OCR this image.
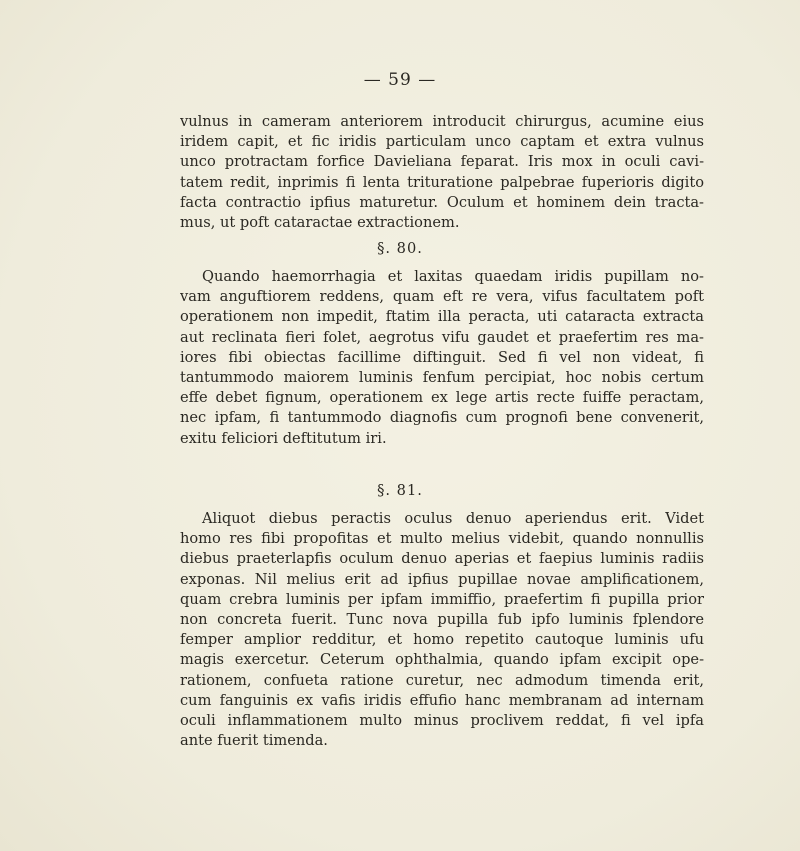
— 59 —
vulnus in cameram anteriorem introducit chirurgus, acumine eius
iridem capit, et fic iridis particulam unco captam et extra vulnus
unco protractam forfice Davieliana feparat. Iris mox in oculi cavi-
tatem redit, inprimis fi lenta trituratione palpebrae fuperioris digito
facta contractio ipfius maturetur. Oculum et hominem dein tracta-
mus, ut poft cataractae extractionem.
§. 80.
Quando haemorrhagia et laxitas quaedam iridis pupillam no-
vam anguftiorem reddens, quam eft re vera, vifus facultatem poft
operationem non impedit, ftatim illa peracta, uti cataracta extracta
aut reclinata fieri folet, aegrotus vifu gaudet et praefertim res ma-
iores fibi obiectas facillime diftinguit. Sed fi vel non videat, fi
tantummodo maiorem luminis fenfum percipiat, hoc nobis certum
effe debet fignum, operationem ex lege artis recte fuiffe peractam,
nec ipfam, fi tantummodo diagnofis cum prognofi bene convenerit,
exitu feliciori deftitutum iri.
§. 81.
Aliquot diebus peractis oculus denuo aperiendus erit. Videt
homo res fibi propofitas et multo melius videbit, quando nonnullis
diebus praeterlapfis oculum denuo aperias et faepius luminis radiis
exponas. Nil melius erit ad ipfius pupillae novae amplificationem,
quam crebra luminis per ipfam immiffio, praefertim fi pupilla prior
non concreta fuerit. Tunc nova pupilla fub ipfo luminis fplendore
femper amplior redditur, et homo repetito cautoque luminis ufu
magis exercetur. Ceterum ophthalmia, quando ipfam excipit ope-
rationem, confueta ratione curetur, nec admodum timenda erit,
cum fanguinis ex vafis iridis effufio hanc membranam ad internam
oculi inflammationem multo minus proclivem reddat, fi vel ipfa
ante fuerit timenda.
